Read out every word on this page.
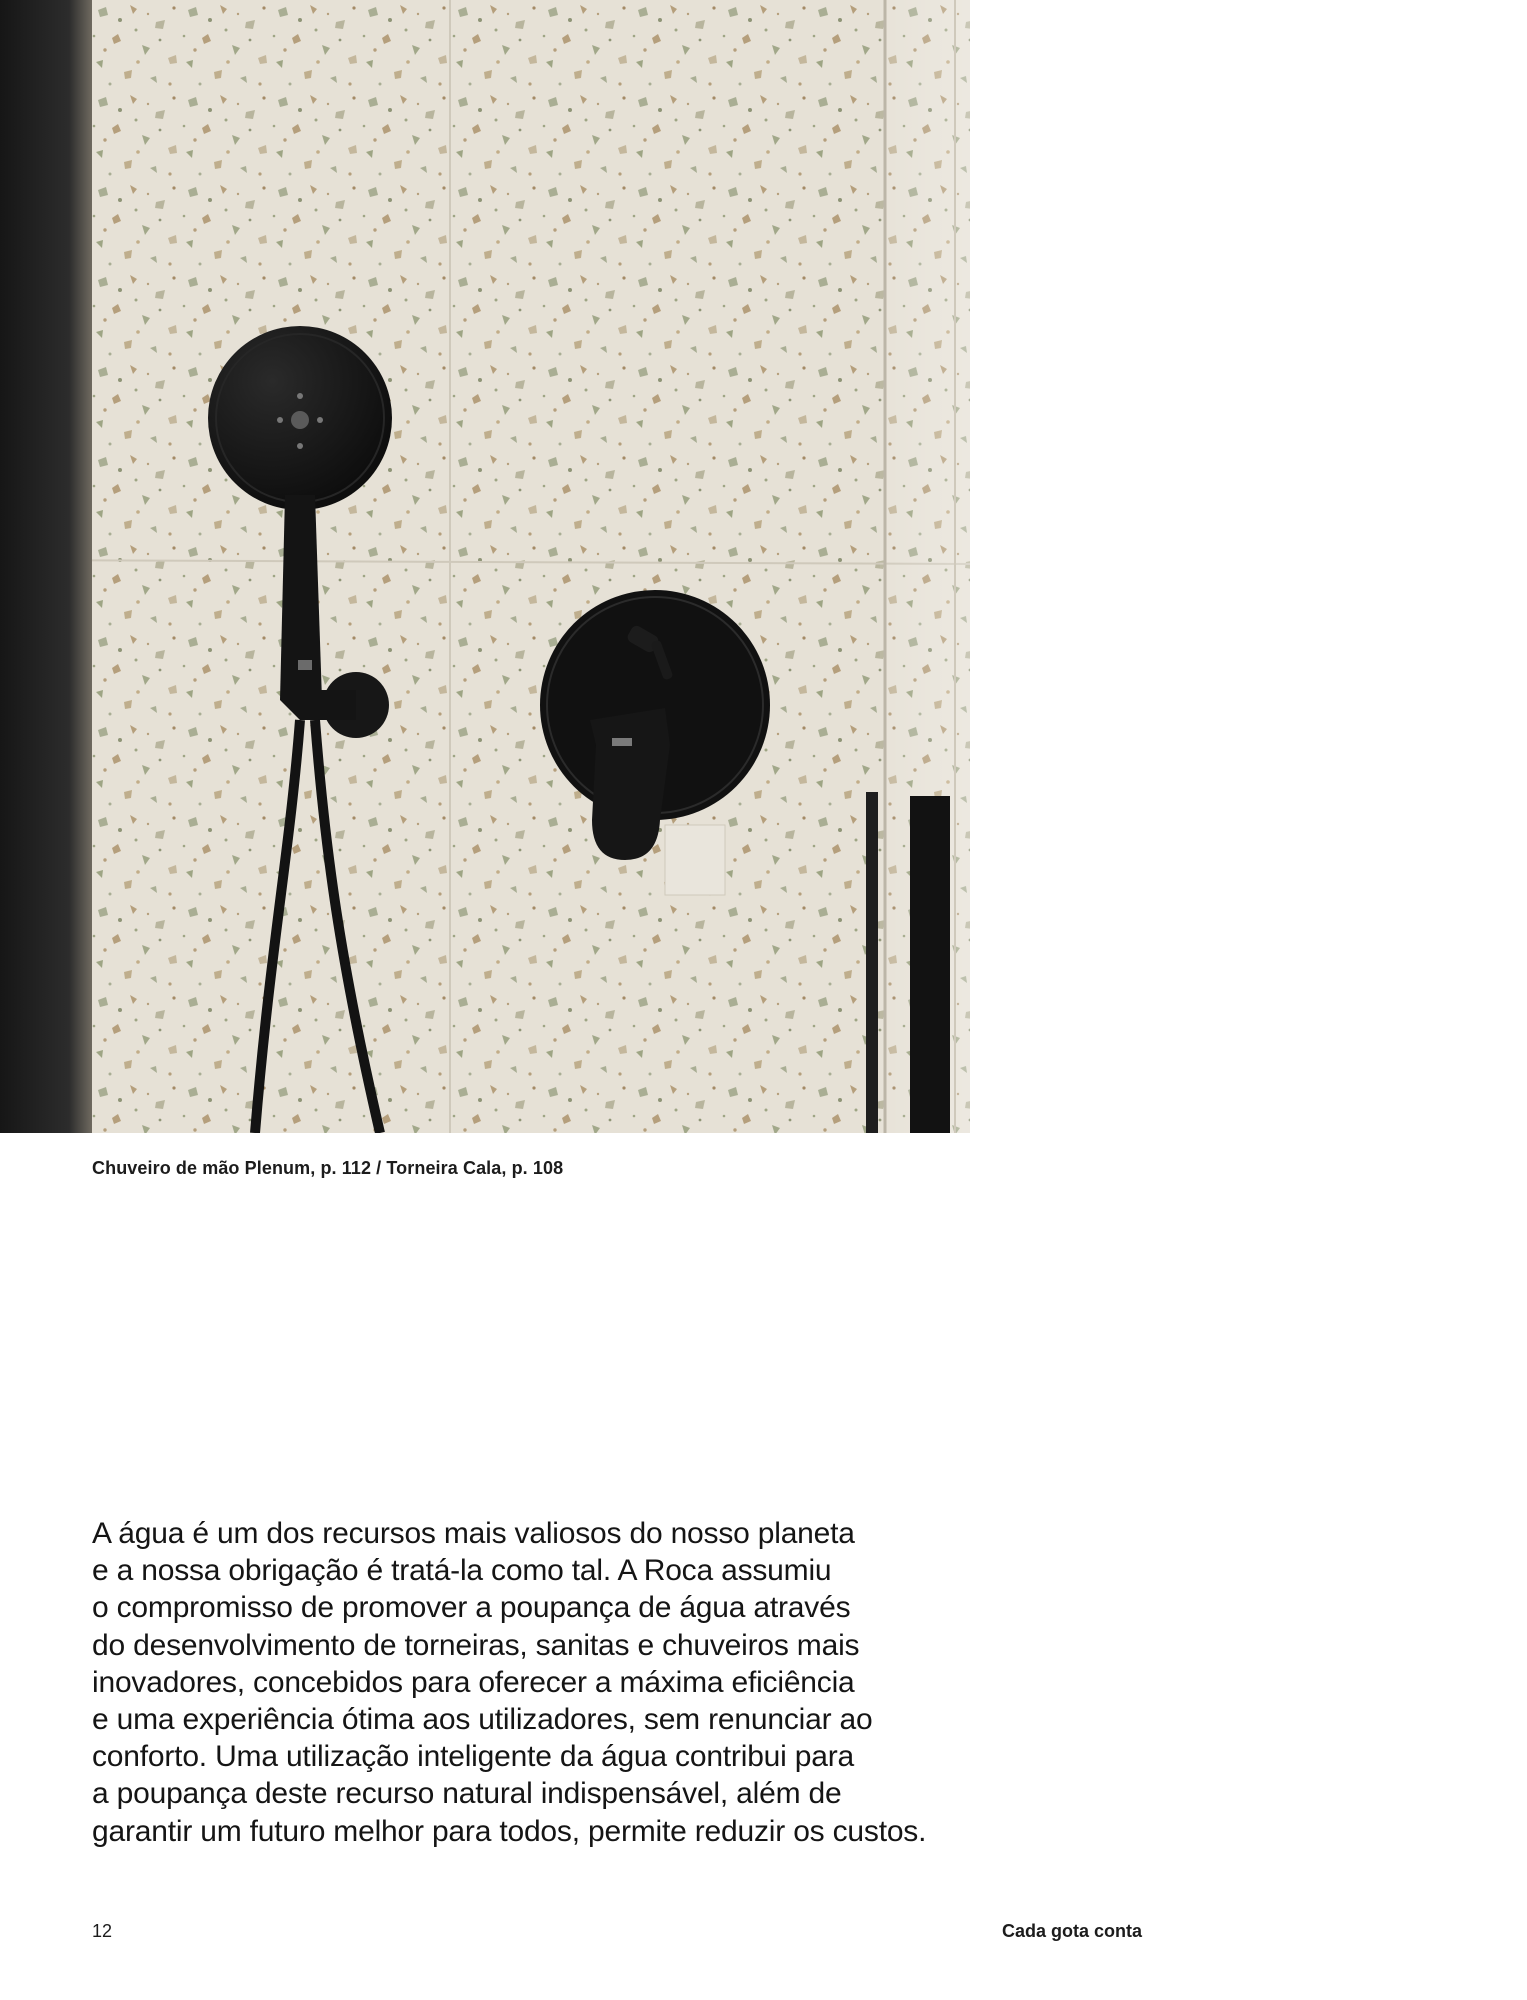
Chuveiro de mão Plenum, p. 112 / Torneira Cala, p. 108
A água é um dos recursos mais valiosos do nosso planeta
e a nossa obrigação é tratá-la como tal. A Roca assumiu
o compromisso de promover a poupança de água através
do desenvolvimento de torneiras, sanitas e chuveiros mais
inovadores, concebidos para oferecer a máxima eficiência
e uma experiência ótima aos utilizadores, sem renunciar ao
conforto. Uma utilização inteligente da água contribui para
a poupança deste recurso natural indispensável, além de
garantir um futuro melhor para todos, permite reduzir os custos.
12	Cada gota conta
